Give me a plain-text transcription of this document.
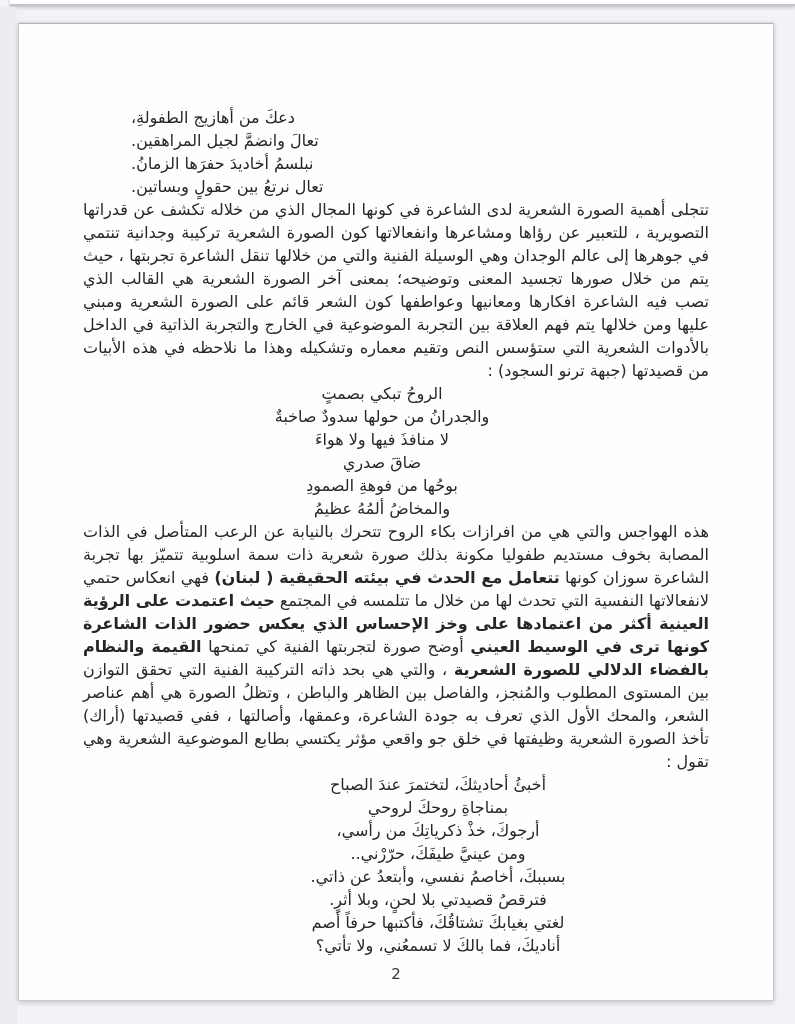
دعكَ من أهازيج الطفولةِ،
تعالَ وانضمَّ لجيل المراهقين.
نبلسمُ أخاديدَ حفرَها الزمانُ.
تعال نرتعُ بين حقولٍ وبساتين.

تتجلى أهمية الصورة الشعرية لدى الشاعرة في كونها المجال الذي من خلاله تكشف عن قدراتها التصويرية ، للتعبير عن رؤاها ومشاعرها وانفعالاتها كون الصورة الشعرية تركيبة وجدانية تنتمي في جوهرها إلى عالم الوجدان وهي الوسيلة الفنية والتي من خلالها تنقل الشاعرة تجربتها ، حيث يتم من خلال صورها تجسيد المعنى وتوضيحه؛ بمعنى آخر الصورة الشعرية هي القالب الذي تصب فيه الشاعرة افكارها ومعانيها وعواطفها كون الشعر قائم على الصورة الشعرية ومبني عليها ومن خلالها يتم فهم العلاقة بين التجربة الموضوعية في الخارج والتجربة الذاتية في الداخل بالأدوات الشعرية التي ستؤسس النص وتقيم معماره وتشكيله وهذا ما نلاحظه في هذه الأبيات من قصيدتها (جبهة ترنو السجود) :

الروحُ تبكي بصمتٍ
والجدرانُ من حولها سدودٌ صاخبةٌ
لا منافذَ فيها ولا هواءَ
ضاقَ صدري
بوحُها من فوهةِ الصمودِ
والمخاضُ ألمُهُ عظيمُ

هذه الهواجس والتي هي من افرازات بكاء الروح تتحرك بالنيابة عن الرعب المتأصل في الذات المصابة بخوف مستديم طفوليا مكونة بذلك صورة شعرية ذات سمة اسلوبية تتميّز بها تجربة الشاعرة سوزان كونها تتعامل مع الحدث في بيئته الحقيقية ( لبنان) فهي انعكاس حتمي لانفعالاتها النفسية التي تحدث لها من خلال ما تتلمسه في المجتمع حيث اعتمدت على الرؤية العينية أكثر من اعتمادها على وخز الإحساس الذي يعكس حضور الذات الشاعرة كونها ترى في الوسيط العيني أوضح صورة لتجربتها الفنية كي تمنحها القيمة والنظام بالفضاء الدلالي للصورة الشعرية ، والتي هي بحد ذاته التركيبة الفنية التي تحقق التوازن بين المستوى المطلوب والمُنجز، والفاصل بين الظاهر والباطن ، وتظلُ الصورة هي أهم عناصر الشعر، والمحك الأول الذي تعرف به جودة الشاعرة، وعمقها، وأصالتها ، ففي قصيدتها (أراك) تأخذ الصورة الشعرية وظيفتها في خلق جو واقعي مؤثر يكتسي بطابع الموضوعية الشعرية وهي تقول :

أخبئُ أحاديثكَ، لتختمرَ عندَ الصباح
بمناجاةِ روحكَ لروحي
أرجوكَ، خذْ ذكرياتِكَ من رأسي،
ومن عينيَّ طيفَكَ، حرّرْني..
بسببكَ، أخاصمُ نفسي، وأبتعدُ عن ذاتي.
فترقصُ قصيدتي بلا لحنٍ، وبلا أثرٍ.
لغتي بغيابكَ تشتاقُكَ، فأكتبها حرفاً أصم
أناديكَ، فما بالكَ لا تسمعُني، ولا تأتي؟
2
